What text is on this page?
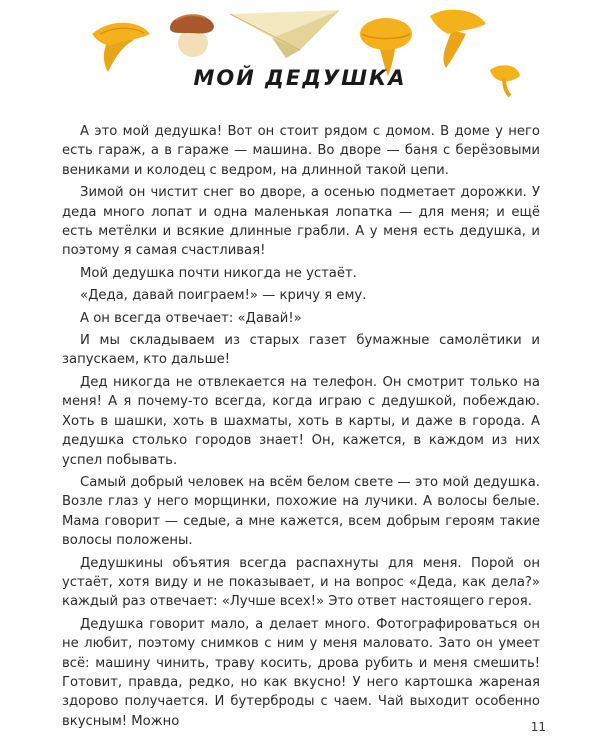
МОЙ ДЕДУШКА

А это мой дедушка! Вот он стоит рядом с домом. В доме у него есть гараж, а в гараже — машина. Во дворе — баня с берёзовыми вениками и колодец с ведром, на длинной такой цепи.

Зимой он чистит снег во дворе, а осенью подметает дорожки. У деда много лопат и одна маленькая лопатка — для меня; и ещё есть метёлки и всякие длинные грабли. А у меня есть дедушка, и поэтому я самая счастливая!

Мой дедушка почти никогда не устаёт.

«Деда, давай поиграем!» — кричу я ему.

А он всегда отвечает: «Давай!»

И мы складываем из старых газет бумажные самолётики и запускаем, кто дальше!

Дед никогда не отвлекается на телефон. Он смотрит только на меня! А я почему-то всегда, когда играю с дедушкой, побеждаю. Хоть в шашки, хоть в шахматы, хоть в карты, и даже в города. А дедушка столько городов знает! Он, кажется, в каждом из них успел побывать.

Самый добрый человек на всём белом свете — это мой дедушка. Возле глаз у него морщинки, похожие на лучики. А волосы белые. Мама говорит — седые, а мне кажется, всем добрым героям такие волосы положены.

Дедушкины объятия всегда распахнуты для меня. Порой он устаёт, хотя виду и не показывает, и на вопрос «Деда, как дела?» каждый раз отвечает: «Лучше всех!» Это ответ настоящего героя.

Дедушка говорит мало, а делает много. Фотографироваться он не любит, поэтому снимков с ним у меня маловато. Зато он умеет всё: машину чинить, траву косить, дрова рубить и меня смешить! Готовит, правда, редко, но как вкусно! У него картошка жареная здорово получается. И бутерброды с чаем. Чай выходит особенно вкусным! Можно	11
